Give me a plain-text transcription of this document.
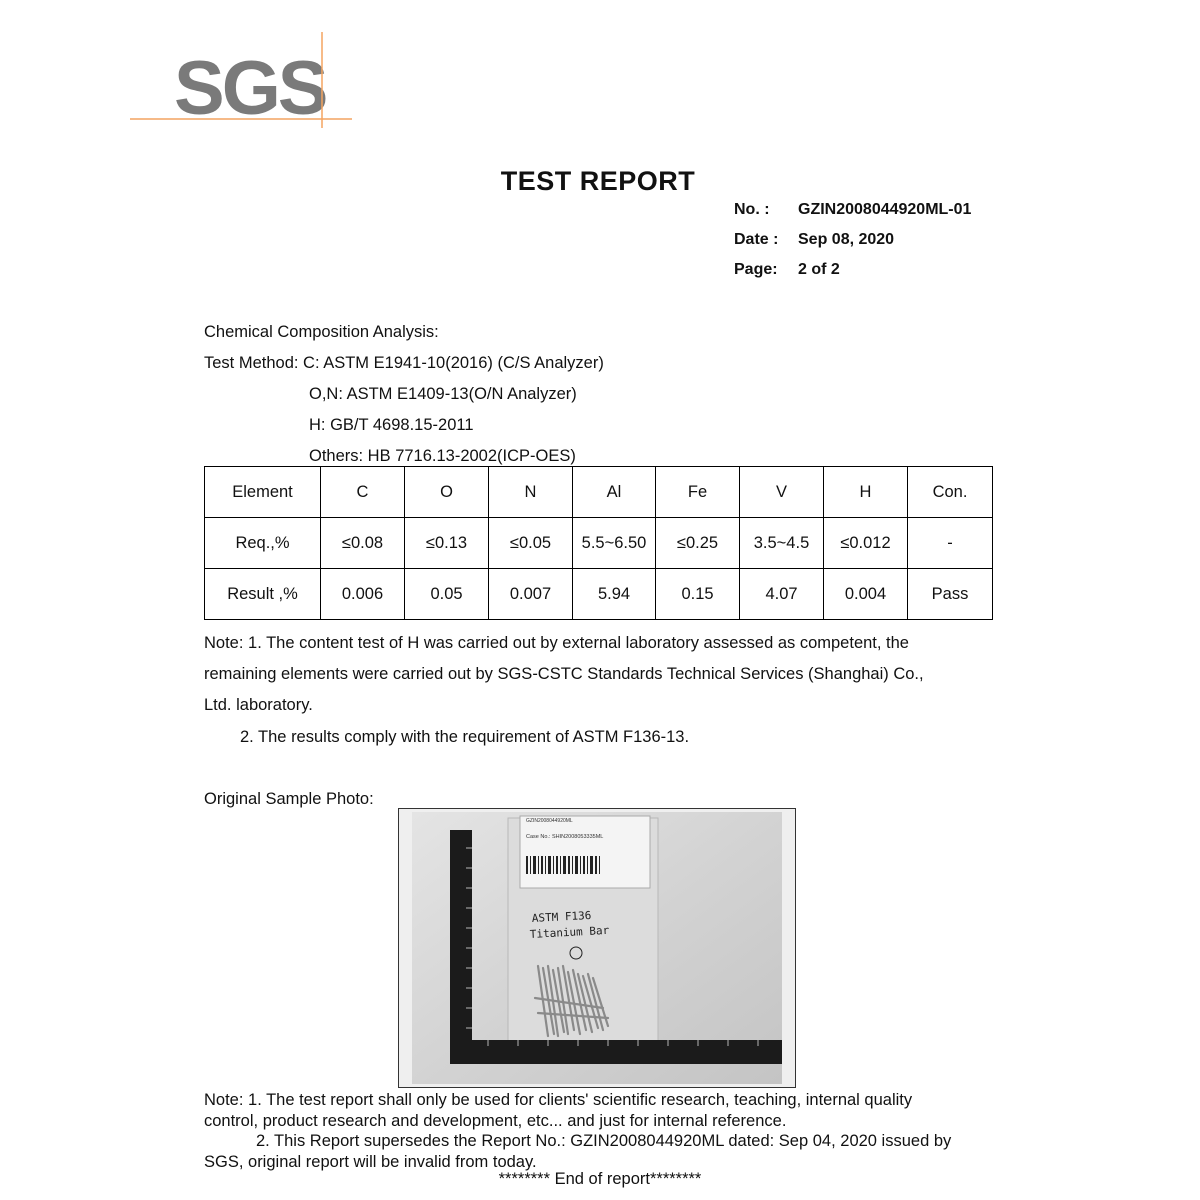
SGS
TEST REPORT
No. : GZIN2008044920ML-01
Date : Sep 08, 2020
Page: 2 of 2
Chemical Composition Analysis:
Test Method: C: ASTM E1941-10(2016) (C/S Analyzer)
O,N: ASTM E1409-13(O/N Analyzer)
H: GB/T 4698.15-2011
Others: HB 7716.13-2002(ICP-OES)
Element	C	O	N	Al	Fe	V	H	Con.
Req.,%	≤0.08	≤0.13	≤0.05	5.5~6.50	≤0.25	3.5~4.5	≤0.012	-
Result ,%	0.006	0.05	0.007	5.94	0.15	4.07	0.004	Pass
Note: 1. The content test of H was carried out by external laboratory assessed as competent, the
remaining elements were carried out by SGS-CSTC Standards Technical Services (Shanghai) Co.,
Ltd. laboratory.
2. The results comply with the requirement of ASTM F136-13.
Original Sample Photo:
GZIN2008044920ML
Case No.: SHIN2008053335ML
ASTM F136
Titanium Bar
Note: 1. The test report shall only be used for clients' scientific research, teaching, internal quality
control, product research and development, etc... and just for internal reference.
2. This Report supersedes the Report No.: GZIN2008044920ML dated: Sep 04, 2020 issued by
SGS, original report will be invalid from today.
******** End of report********
